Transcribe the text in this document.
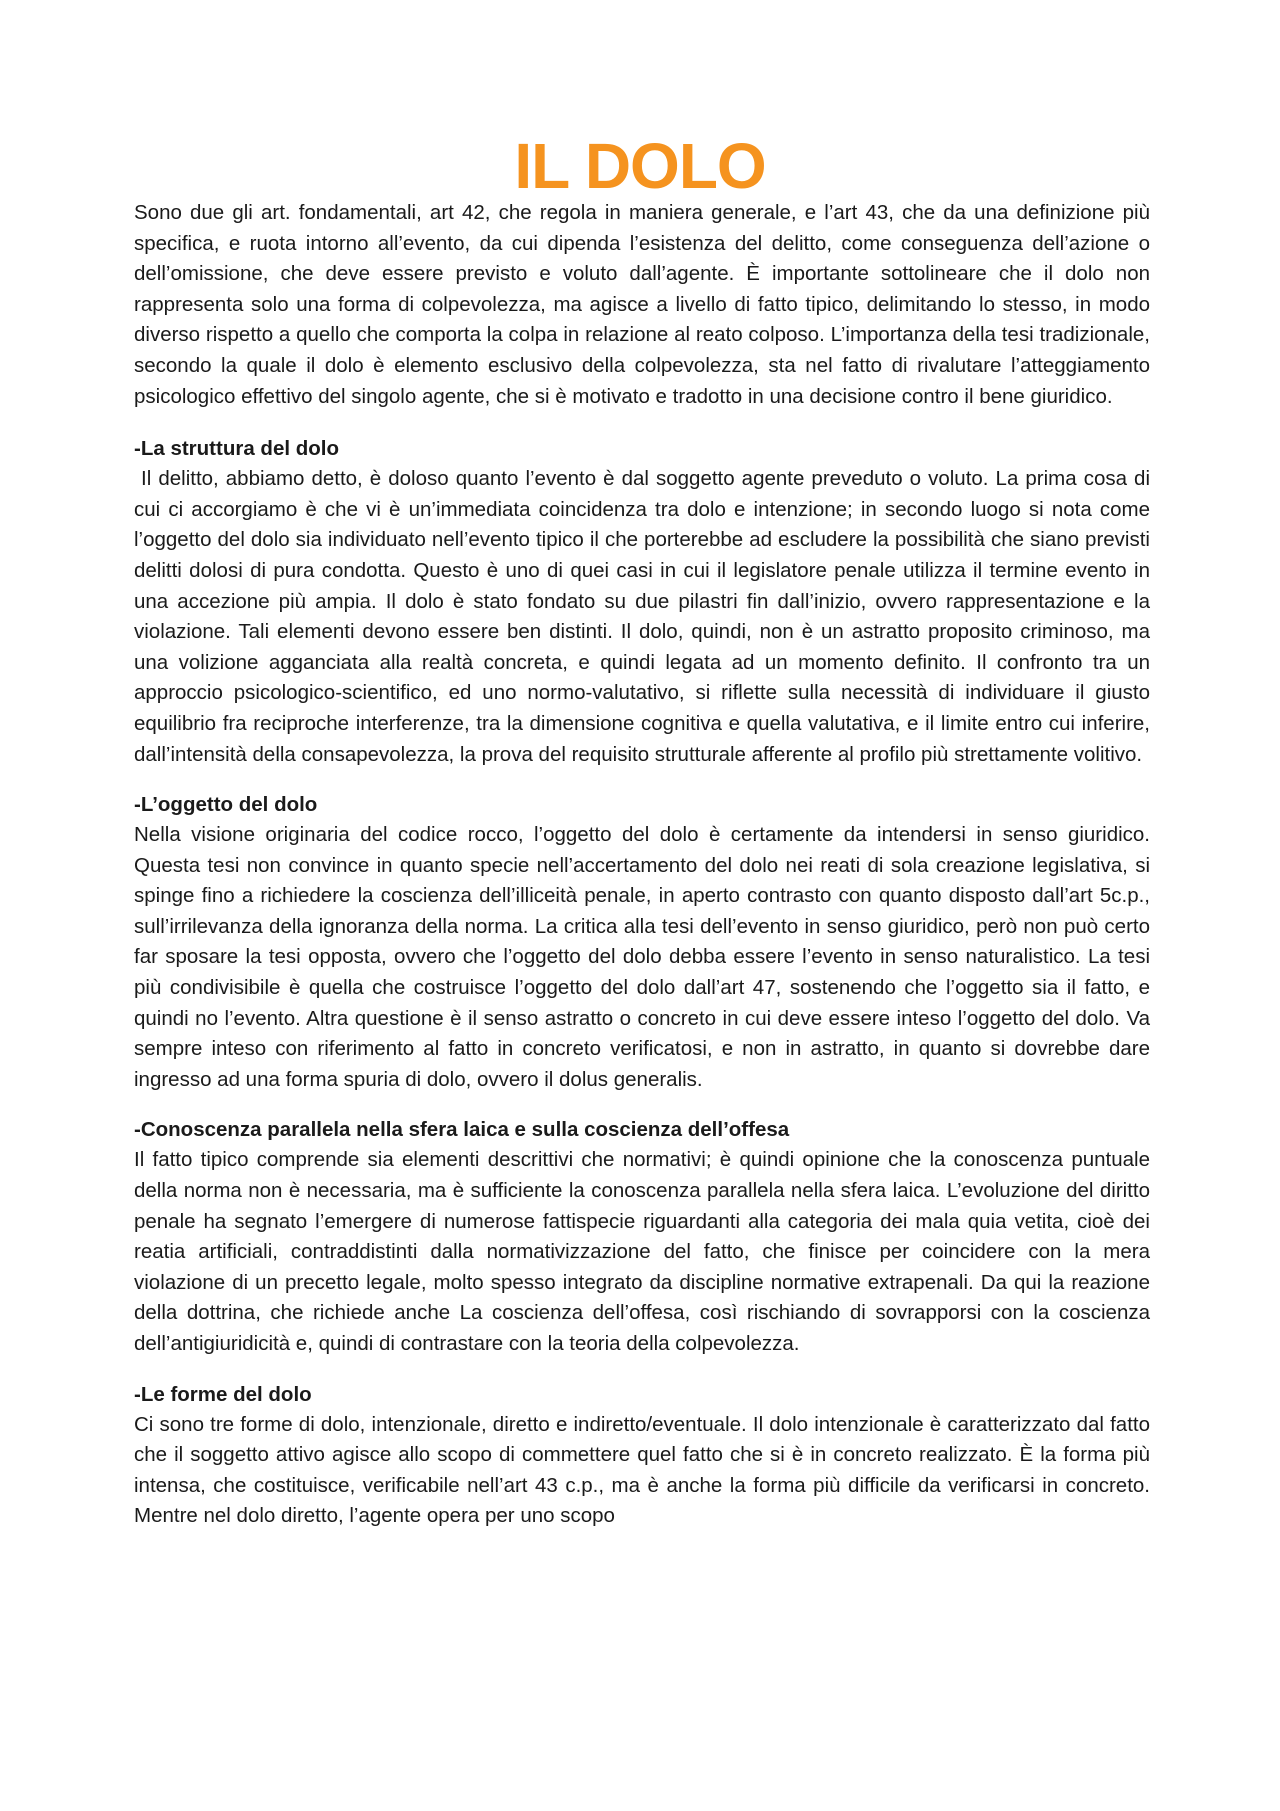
IL DOLO

Sono due gli art. fondamentali, art 42, che regola in maniera generale, e l’art 43, che da una definizione più specifica, e ruota intorno all’evento, da cui dipenda l’esistenza del delitto, come conseguenza dell’azione o dell’omissione, che deve essere previsto e voluto dall’agente. È importante sottolineare che il dolo non rappresenta solo una forma di colpevolezza, ma agisce a livello di fatto tipico, delimitando lo stesso, in modo diverso rispetto a quello che comporta la colpa in relazione al reato colposo. L’importanza della tesi tradizionale, secondo la quale il dolo è elemento esclusivo della colpevolezza, sta nel fatto di rivalutare l’atteggiamento psicologico effettivo del singolo agente, che si è motivato e tradotto in una decisione contro il bene giuridico.

-La struttura del dolo

Il delitto, abbiamo detto, è doloso quanto l’evento è dal soggetto agente preveduto o voluto. La prima cosa di cui ci accorgiamo è che vi è un’immediata coincidenza tra dolo e intenzione; in secondo luogo si nota come l’oggetto del dolo sia individuato nell’evento tipico il che porterebbe ad escludere la possibilità che siano previsti delitti dolosi di pura condotta. Questo è uno di quei casi in cui il legislatore penale utilizza il termine evento in una accezione più ampia. Il dolo è stato fondato su due pilastri fin dall’inizio, ovvero rappresentazione e la violazione. Tali elementi devono essere ben distinti. Il dolo, quindi, non è un astratto proposito criminoso, ma una volizione agganciata alla realtà concreta, e quindi legata ad un momento definito. Il confronto tra un approccio psicologico-scientifico, ed uno normo-valutativo, si riflette sulla necessità di individuare il giusto equilibrio fra reciproche interferenze, tra la dimensione cognitiva e quella valutativa, e il limite entro cui inferire, dall’intensità della consapevolezza, la prova del requisito strutturale afferente al profilo più strettamente volitivo.

-L’oggetto del dolo

Nella visione originaria del codice rocco, l’oggetto del dolo è certamente da intendersi in senso giuridico. Questa tesi non convince in quanto specie nell’accertamento del dolo nei reati di sola creazione legislativa, si spinge fino a richiedere la coscienza dell’illiceità penale, in aperto contrasto con quanto disposto dall’art 5c.p., sull’irrilevanza della ignoranza della norma. La critica alla tesi dell’evento in senso giuridico, però non può certo far sposare la tesi opposta, ovvero che l’oggetto del dolo debba essere l’evento in senso naturalistico. La tesi più condivisibile è quella che costruisce l’oggetto del dolo dall’art 47, sostenendo che l’oggetto sia il fatto, e quindi no l’evento. Altra questione è il senso astratto o concreto in cui deve essere inteso l’oggetto del dolo. Va sempre inteso con riferimento al fatto in concreto verificatosi, e non in astratto, in quanto si dovrebbe dare ingresso ad una forma spuria di dolo, ovvero il dolus generalis.

-Conoscenza parallela nella sfera laica e sulla coscienza dell’offesa

Il fatto tipico comprende sia elementi descrittivi che normativi; è quindi opinione che la conoscenza puntuale della norma non è necessaria, ma è sufficiente la conoscenza parallela nella sfera laica. L’evoluzione del diritto penale ha segnato l’emergere di numerose fattispecie riguardanti alla categoria dei mala quia vetita, cioè dei reatia artificiali, contraddistinti dalla normativizzazione del fatto, che finisce per coincidere con la mera violazione di un precetto legale, molto spesso integrato da discipline normative extrapenali. Da qui la reazione della dottrina, che richiede anche La coscienza dell’offesa, così rischiando di sovrapporsi con la coscienza dell’antigiuridicità e, quindi di contrastare con la teoria della colpevolezza.

-Le forme del dolo

Ci sono tre forme di dolo, intenzionale, diretto e indiretto/eventuale. Il dolo intenzionale è caratterizzato dal fatto che il soggetto attivo agisce allo scopo di commettere quel fatto che si è in concreto realizzato. È la forma più intensa, che costituisce, verificabile nell’art 43 c.p., ma è anche la forma più difficile da verificarsi in concreto. Mentre nel dolo diretto, l’agente opera per uno scopo
